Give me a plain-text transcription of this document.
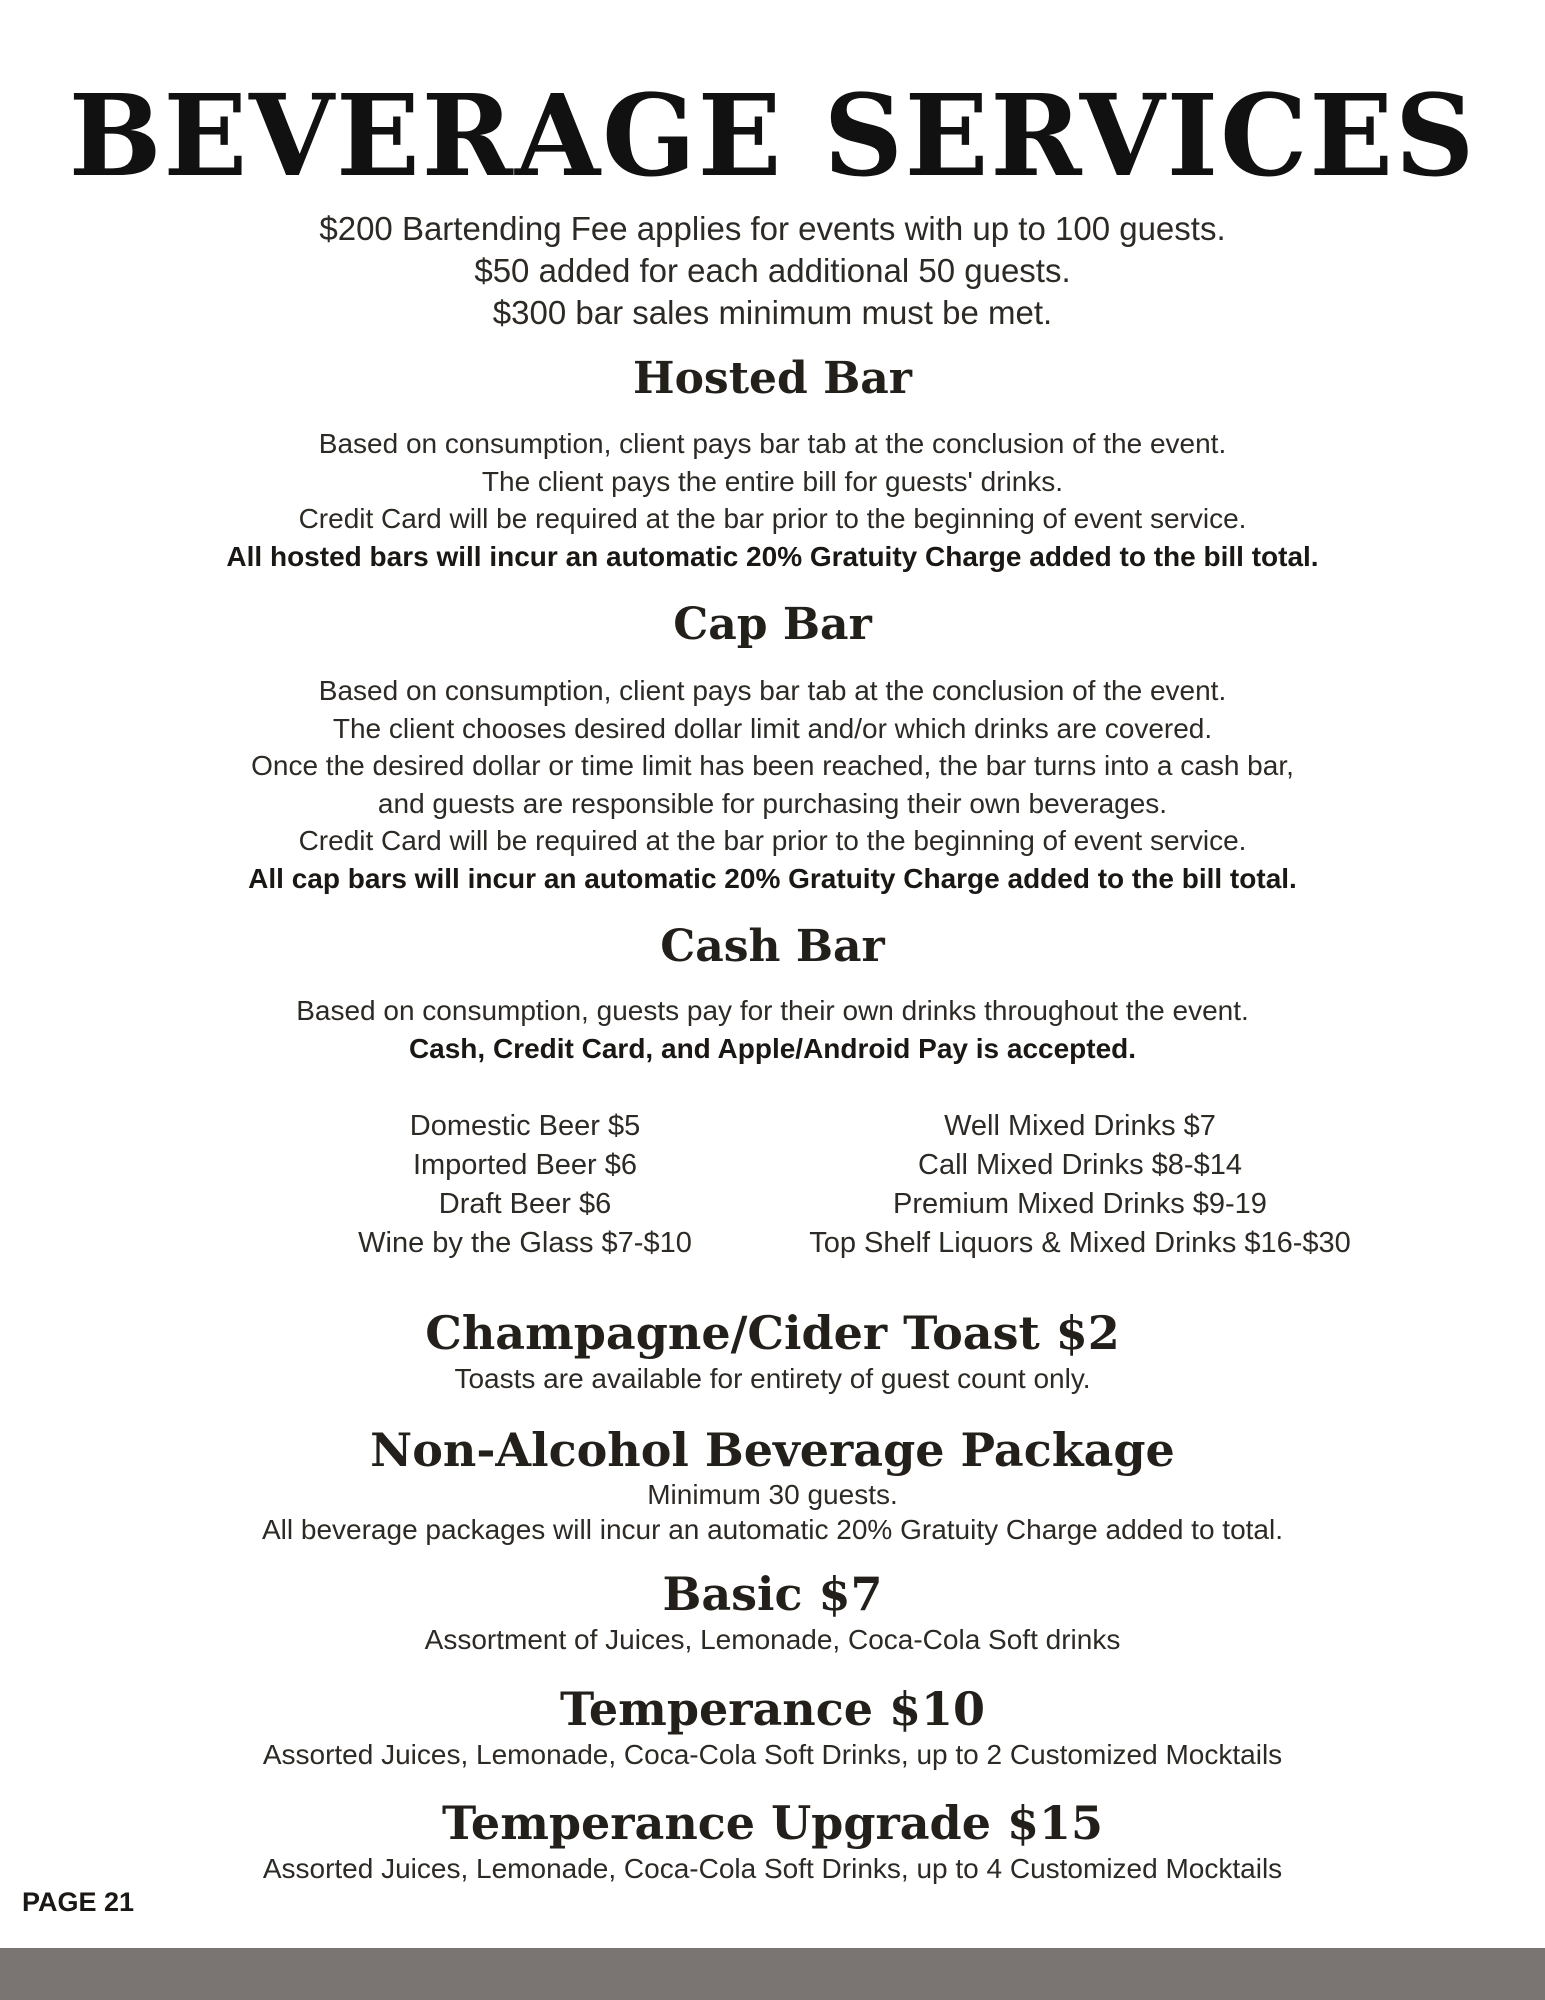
BEVERAGE SERVICES
$200 Bartending Fee applies for events with up to 100 guests.
$50 added for each additional 50 guests.
$300 bar sales minimum must be met.
Hosted Bar
Based on consumption, client pays bar tab at the conclusion of the event.
The client pays the entire bill for guests' drinks.
Credit Card will be required at the bar prior to the beginning of event service.
All hosted bars will incur an automatic 20% Gratuity Charge added to the bill total.
Cap Bar
Based on consumption, client pays bar tab at the conclusion of the event.
The client chooses desired dollar limit and/or which drinks are covered.
Once the desired dollar or time limit has been reached, the bar turns into a cash bar,
and guests are responsible for purchasing their own beverages.
Credit Card will be required at the bar prior to the beginning of event service.
All cap bars will incur an automatic 20% Gratuity Charge added to the bill total.
Cash Bar
Based on consumption, guests pay for their own drinks throughout the event.
Cash, Credit Card, and Apple/Android Pay is accepted.
Domestic Beer $5
Imported Beer $6
Draft Beer $6
Wine by the Glass $7-$10
Well Mixed Drinks $7
Call Mixed Drinks $8-$14
Premium Mixed Drinks $9-19
Top Shelf Liquors & Mixed Drinks $16-$30
Champagne/Cider Toast $2
Toasts are available for entirety of guest count only.
Non-Alcohol Beverage Package
Minimum 30 guests.
All beverage packages will incur an automatic 20% Gratuity Charge added to total.
Basic $7
Assortment of Juices, Lemonade, Coca-Cola Soft drinks
Temperance $10
Assorted Juices, Lemonade, Coca-Cola Soft Drinks, up to 2 Customized Mocktails
Temperance Upgrade $15
Assorted Juices, Lemonade, Coca-Cola Soft Drinks, up to 4 Customized Mocktails
PAGE 21
